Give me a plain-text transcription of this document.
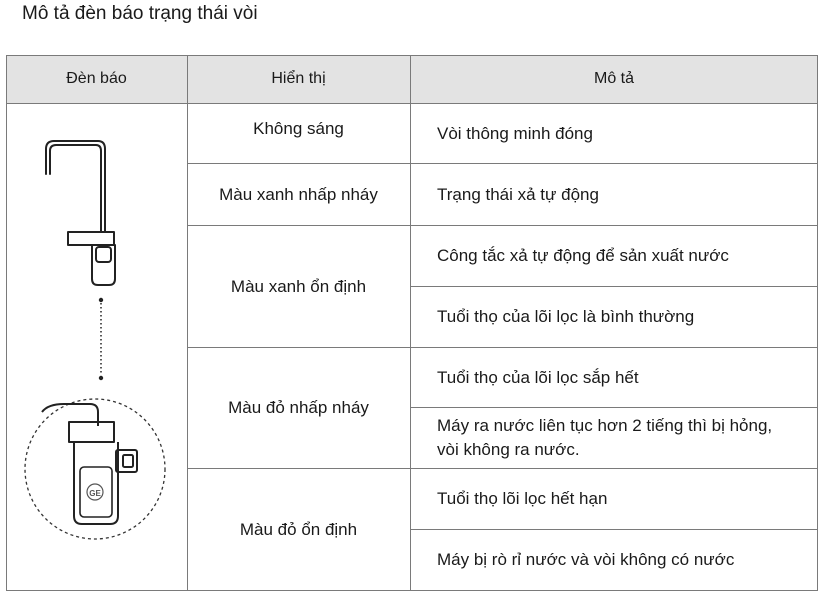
Mô tả đèn báo trạng thái vòi
Đèn báo	Hiển thị	Mô tả
Không sáng
Màu xanh nhấp nháy
Màu xanh ổn định
Màu đỏ nhấp nháy
Màu đỏ ổn định
Vòi thông minh đóng
Trạng thái xả tự động
Công tắc xả tự động để sản xuất nước
Tuổi thọ của lõi lọc là bình thường
Tuổi thọ của lõi lọc sắp hết
Máy ra nước liên tục hơn 2 tiếng thì bị hỏng, vòi không ra nước.
Tuổi thọ lõi lọc hết hạn
Máy bị rò rỉ nước và vòi không có nước
GE
